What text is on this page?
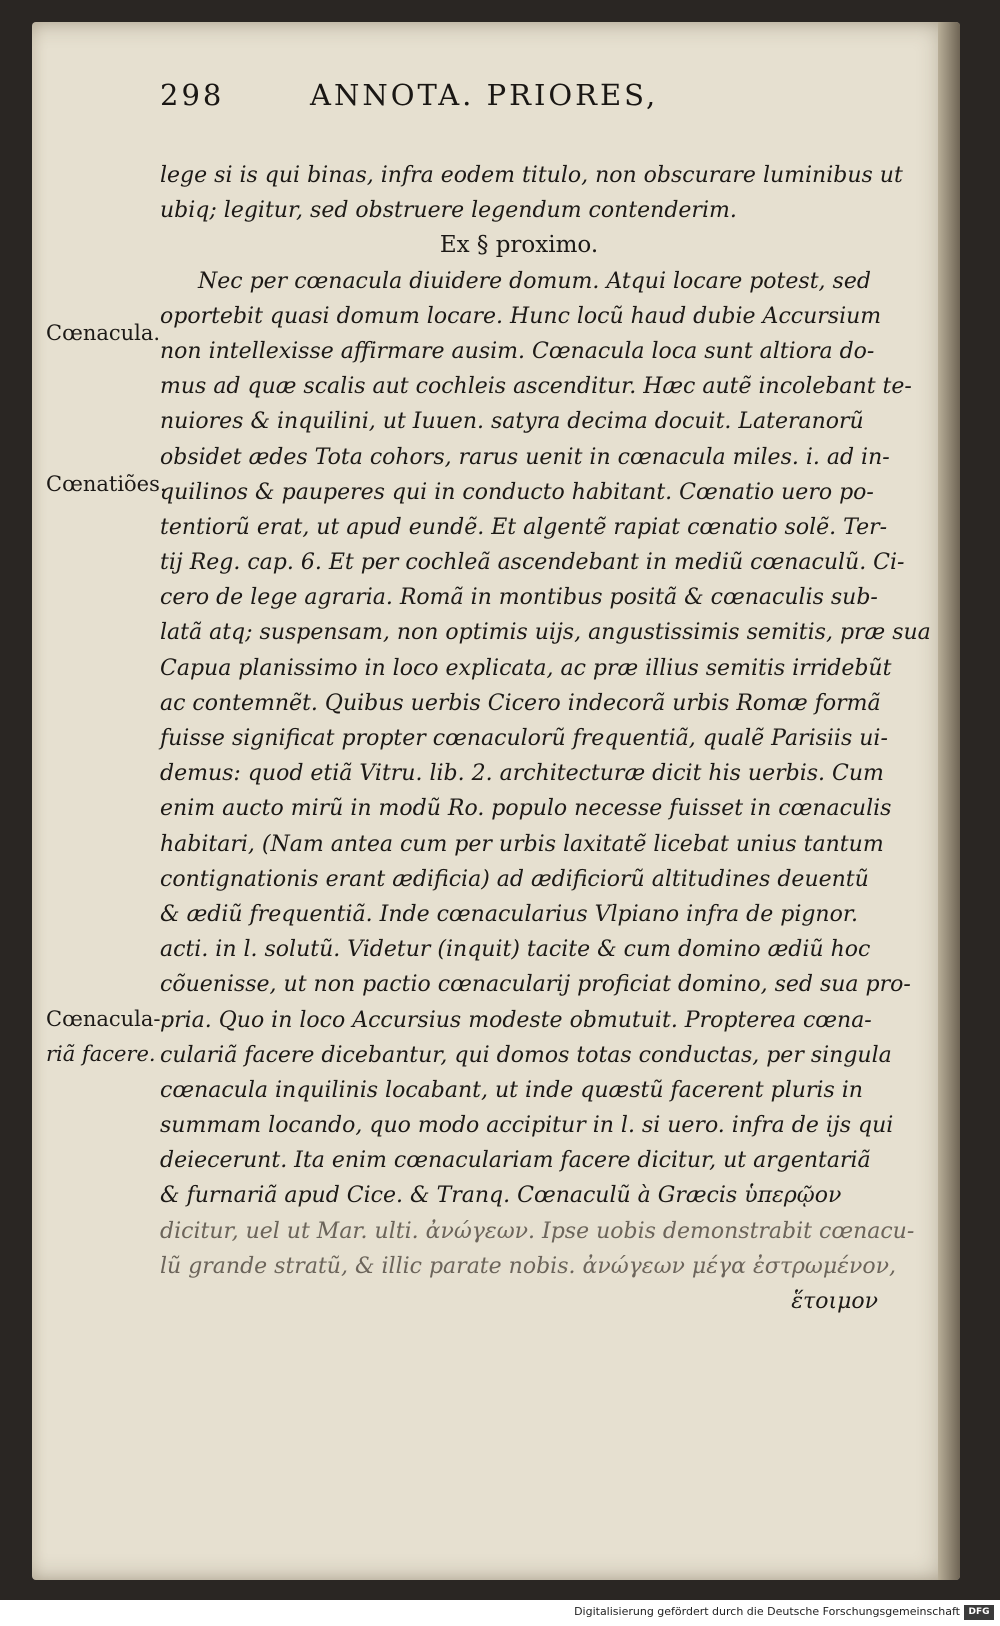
298	ANNOTA. PRIORES,
lege si is qui binas, infra eodem titulo, non obscurare luminibus ut
ubiq; legitur, sed obstruere legendum contenderim.
Ex § proximo.
Nec per cœnacula diuidere domum. Atqui locare potest, sed
oportebit quasi domum locare. Hunc locũ haud dubie Accursium
non intellexisse affirmare ausim. Cœnacula loca sunt altiora do-
mus ad quæ scalis aut cochleis ascenditur. Hæc autẽ incolebant te-
nuiores & inquilini, ut Iuuen. satyra decima docuit. Lateranorũ
obsidet ædes Tota cohors, rarus uenit in cœnacula miles. i. ad in-
quilinos & pauperes qui in conducto habitant. Cœnatio uero po-
tentiorũ erat, ut apud eundẽ. Et algentẽ rapiat cœnatio solẽ. Ter-
tij Reg. cap. 6. Et per cochleã ascendebant in mediũ cœnaculũ. Ci-
cero de lege agraria. Romã in montibus positã & cœnaculis sub-
latã atq; suspensam, non optimis uijs, angustissimis semitis, præ sua
Capua planissimo in loco explicata, ac præ illius semitis irridebũt
ac contemnẽt. Quibus uerbis Cicero indecorã urbis Romæ formã
fuisse significat propter cœnaculorũ frequentiã, qualẽ Parisiis ui-
demus: quod etiã Vitru. lib. 2. architecturæ dicit his uerbis. Cum
enim aucto mirũ in modũ Ro. populo necesse fuisset in cœnaculis
habitari, (Nam antea cum per urbis laxitatẽ licebat unius tantum
contignationis erant ædificia) ad ædificiorũ altitudines deuentũ
& ædiũ frequentiã. Inde cœnacularius Vlpiano infra de pignor.
acti. in l. solutũ. Videtur (inquit) tacite & cum domino ædiũ hoc
cõuenisse, ut non pactio cœnacularij proficiat domino, sed sua pro-
pria. Quo in loco Accursius modeste obmutuit. Propterea cœna-
culariã facere dicebantur, qui domos totas conductas, per singula
cœnacula inquilinis locabant, ut inde quæstũ facerent pluris in
summam locando, quo modo accipitur in l. si uero. infra de ijs qui
deiecerunt. Ita enim cœnaculariam facere dicitur, ut argentariã
& furnariã apud Cice. & Tranq. Cœnaculũ à Græcis ὑπερῷον
dicitur, uel ut Mar. ulti. ἀνώγεων. Ipse uobis demonstrabit cœnacu-
lũ grande stratũ, & illic parate nobis. ἀνώγεων μέγα ἐστρωμένον,
ἕτοιμον
Cœnacula.
Cœnatiões.
Cœnacula-
riã facere.
Digitalisierung gefördert durch die Deutsche Forschungsgemeinschaft DFG
